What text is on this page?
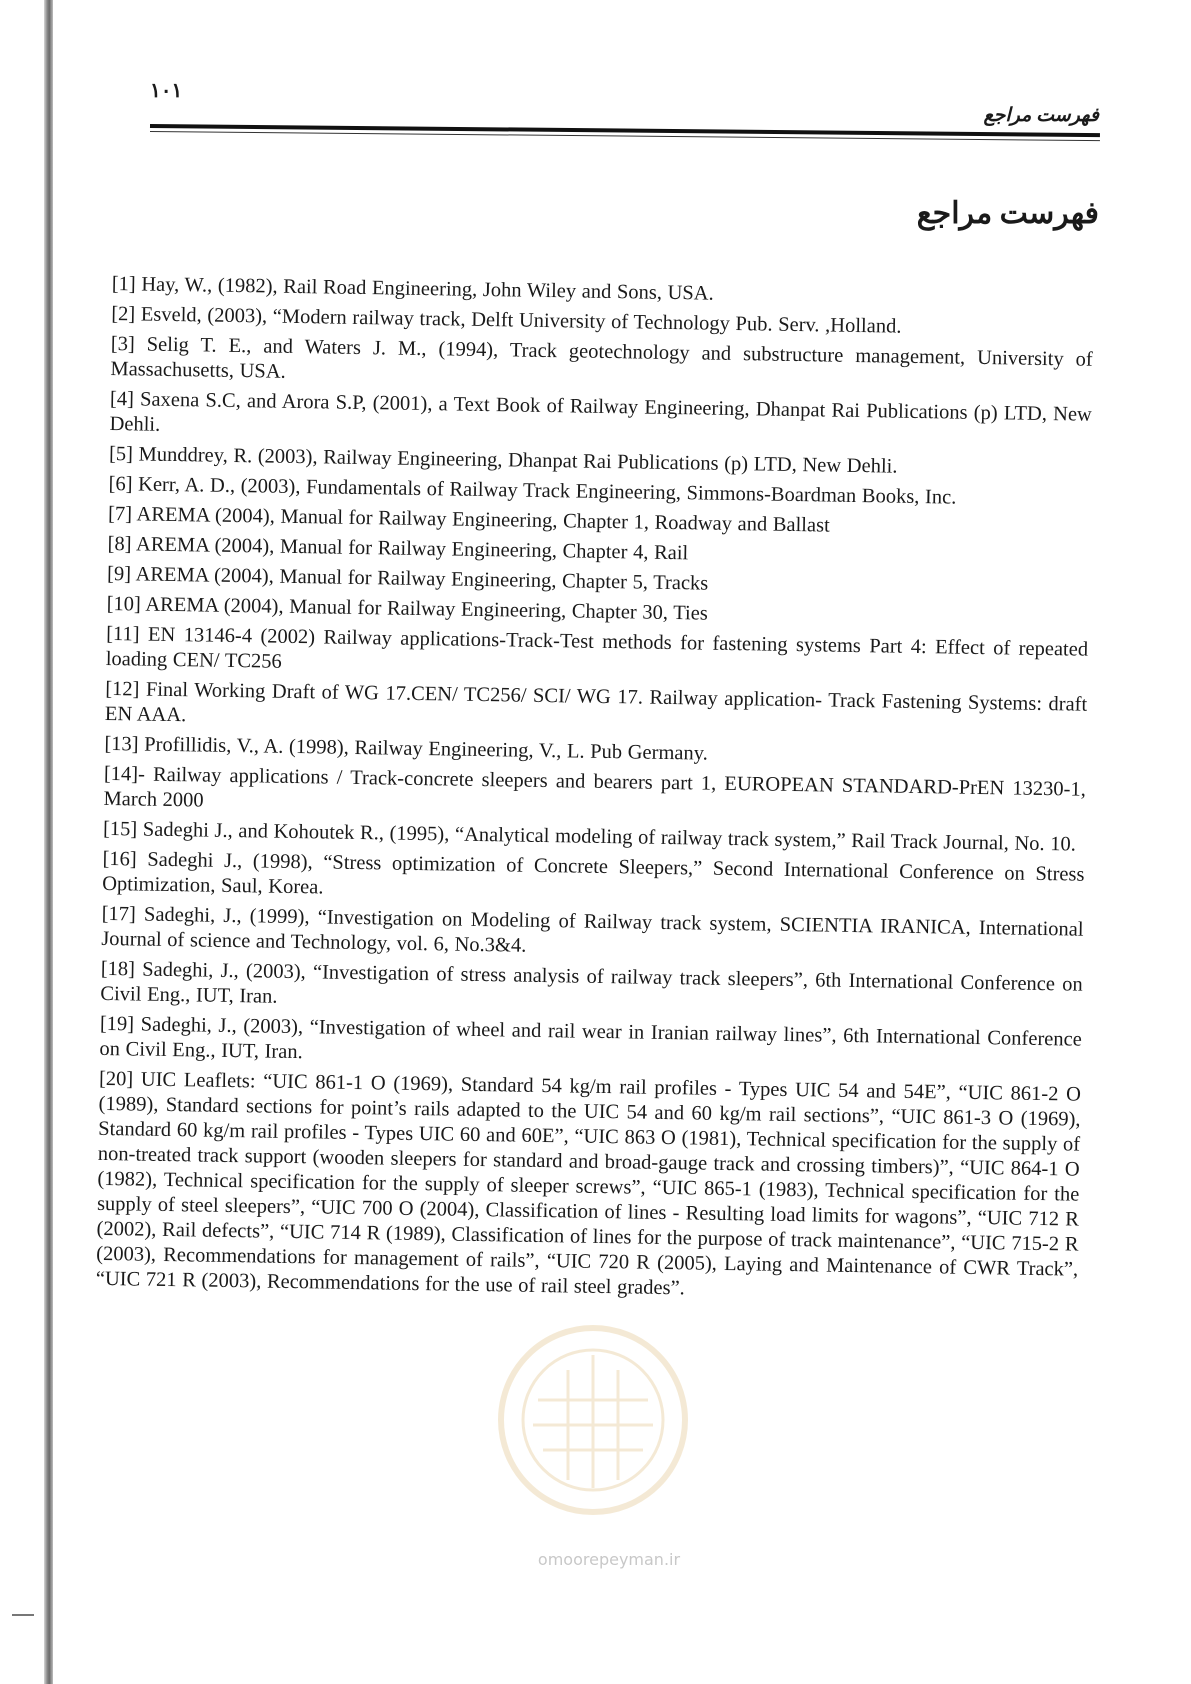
۱۰۱
فهرست مراجع
فهرست مراجع

[1] Hay, W., (1982), Rail Road Engineering, John Wiley and Sons, USA.

[2] Esveld, (2003), “Modern railway track, Delft University of Technology Pub. Serv. ,Holland.

[3] Selig T. E., and Waters J. M., (1994), Track geotechnology and substructure management, University of Massachusetts, USA.

[4] Saxena S.C, and Arora S.P, (2001), a Text Book of Railway Engineering, Dhanpat Rai Publications (p) LTD, New Dehli.

[5] Munddrey, R. (2003), Railway Engineering, Dhanpat Rai Publications (p) LTD, New Dehli.

[6] Kerr, A. D., (2003), Fundamentals of Railway Track Engineering, Simmons-Boardman Books, Inc.

[7] AREMA (2004), Manual for Railway Engineering, Chapter 1, Roadway and Ballast

[8] AREMA (2004), Manual for Railway Engineering, Chapter 4, Rail

[9] AREMA (2004), Manual for Railway Engineering, Chapter 5, Tracks

[10] AREMA (2004), Manual for Railway Engineering, Chapter 30, Ties

[11] EN 13146-4 (2002) Railway applications-Track-Test methods for fastening systems Part 4: Effect of repeated loading CEN/ TC256

[12] Final Working Draft of WG 17.CEN/ TC256/ SCI/ WG 17. Railway application- Track Fastening Systems: draft EN AAA.

[13] Profillidis, V., A. (1998), Railway Engineering, V., L. Pub Germany.

[14]- Railway applications / Track-concrete sleepers and bearers part 1, EUROPEAN STANDARD-PrEN 13230-1, March 2000

[15] Sadeghi J., and Kohoutek R., (1995), “Analytical modeling of railway track system,” Rail Track Journal, No. 10.

[16] Sadeghi J., (1998), “Stress optimization of Concrete Sleepers,” Second International Conference on Stress Optimization, Saul, Korea.

[17] Sadeghi, J., (1999), “Investigation on Modeling of Railway track system, SCIENTIA IRANICA, International Journal of science and Technology, vol. 6, No.3&4.

[18] Sadeghi, J., (2003), “Investigation of stress analysis of railway track sleepers”, 6th International Conference on Civil Eng., IUT, Iran.

[19] Sadeghi, J., (2003), “Investigation of wheel and rail wear in Iranian railway lines”, 6th International Conference on Civil Eng., IUT, Iran.

[20] UIC Leaflets: “UIC 861-1 O (1969), Standard 54 kg/m rail profiles - Types UIC 54 and 54E”, “UIC 861-2 O (1989), Standard sections for point’s rails adapted to the UIC 54 and 60 kg/m rail sections”, “UIC 861-3 O (1969), Standard 60 kg/m rail profiles - Types UIC 60 and 60E”, “UIC 863 O (1981), Technical specification for the supply of non-treated track support (wooden sleepers for standard and broad-gauge track and crossing timbers)”, “UIC 864-1 O (1982), Technical specification for the supply of sleeper screws”, “UIC 865-1 (1983), Technical specification for the supply of steel sleepers”, “UIC 700 O (2004), Classification of lines - Resulting load limits for wagons”, “UIC 712 R (2002), Rail defects”, “UIC 714 R (1989), Classification of lines for the purpose of track maintenance”, “UIC 715-2 R (2003), Recommendations for management of rails”, “UIC 720 R (2005), Laying and Maintenance of CWR Track”, “UIC 721 R (2003), Recommendations for the use of rail steel grades”.

omoorepeyman.ir
